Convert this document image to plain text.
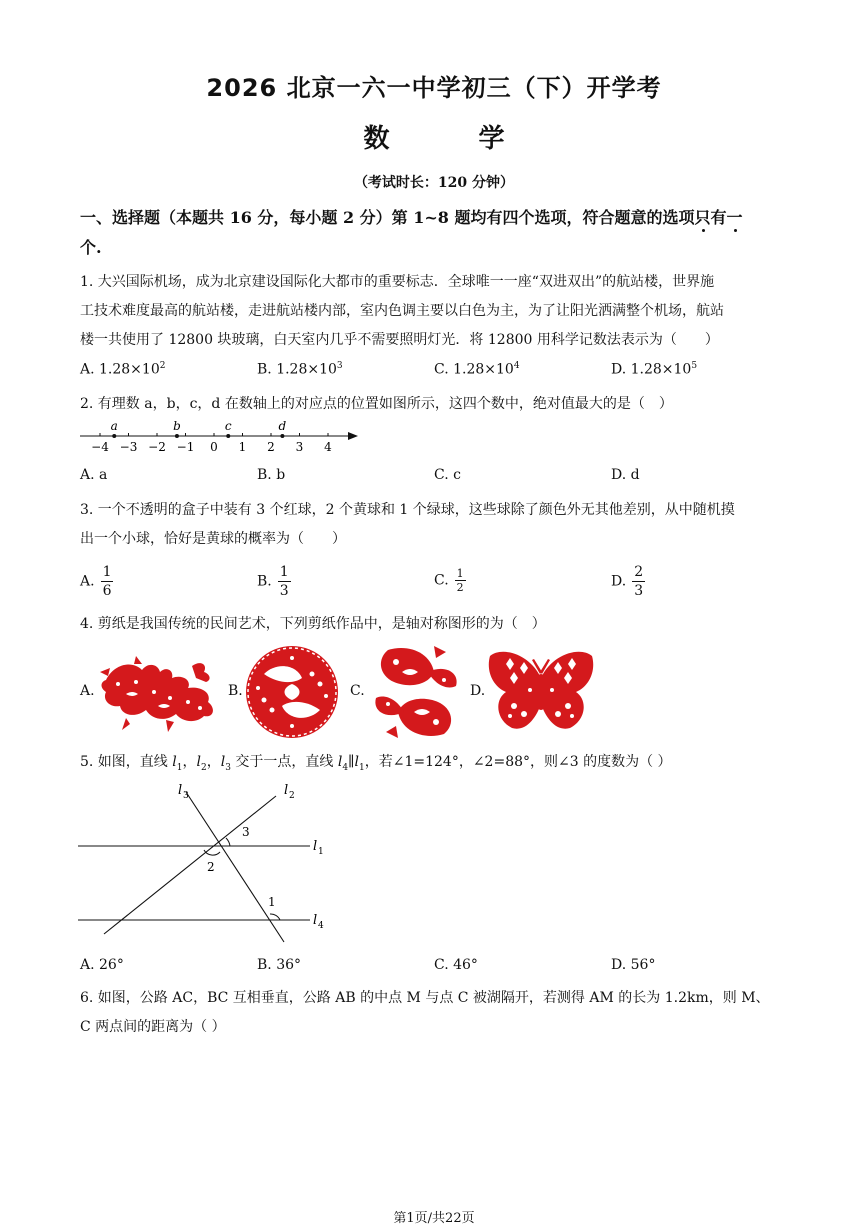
2026 北京一六一中学初三（下）开学考
数 学
（考试时长：120 分钟）
一、选择题（本题共 16 分，每小题 2 分）第 1~8 题均有四个选项，符合题意的选项只有一
个.
1. 大兴国际机场，成为北京建设国际化大都市的重要标志．全球唯一一座“双进双出”的航站楼，世界施
工技术难度最高的航站楼，走进航站楼内部，室内色调主要以白色为主，为了让阳光洒满整个机场，航站
楼一共使用了 12800 块玻璃，白天室内几乎不需要照明灯光．将 12800 用科学记数法表示为（　　）
A. $1.28\times 10^2$	B. $1.28\times 10^3$	C. $1.28\times 10^4$	D. $1.28\times 10^5$
2. 有理数 a，b，c，d 在数轴上的对应点的位置如图所示，这四个数中，绝对值最大的是（　）
−4 −3 −2 −1 0 1 2 3 4
a	b	c	d
A. a	B. b	C. c	D. d
3. 一个不透明的盒子中装有 3 个红球，2 个黄球和 1 个绿球，这些球除了颜色外无其他差别，从中随机摸
出一个小球，恰好是黄球的概率为（　　）
A. $\frac{1}{6}$	B. $\frac{1}{3}$	C. $\frac{1}{2}$	D. $\frac{2}{3}$
4. 剪纸是我国传统的民间艺术，下列剪纸作品中，是轴对称图形的为（　）
A.	B.	C.	D.
5. 如图，直线 $l_1$，$l_2$，$l_3$ 交于一点，直线 $l_4\parallel l_1$，若∠1=124°，∠2=88°，则∠3 的度数为（ ）
l 3	l 2
l 1
l 4
3
2
1
A. 26°	B. 36°	C. 46°	D. 56°
6. 如图，公路 AC，BC 互相垂直，公路 AB 的中点 M 与点 C 被湖隔开，若测得 AM 的长为 1.2km，则 M、
C 两点间的距离为（ ）
第1页/共22页
